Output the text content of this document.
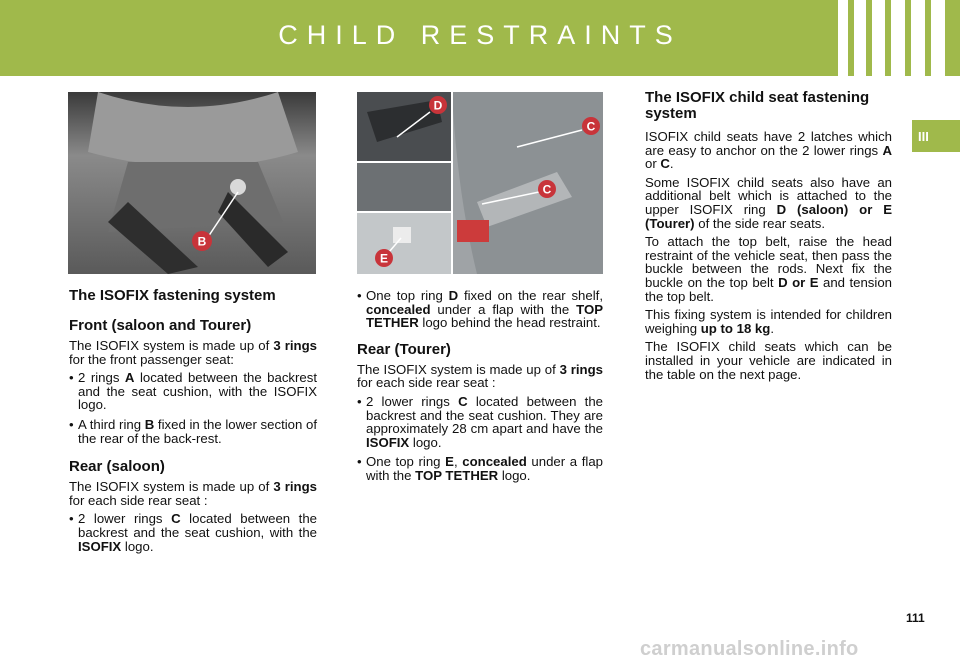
CHILD RESTRAINTS
III
B
D
C
C
E
The ISOFIX fastening system
Front (saloon and Tourer)

The ISOFIX system is made up of 3 rings for the front passenger seat:

• 2 rings A located between the backrest and the seat cushion, with the ISOFIX logo.
• A third ring B fixed in the lower section of the rear of the back-rest.
Rear (saloon)

The ISOFIX system is made up of 3 rings for each side rear seat :

• 2 lower rings C located between the backrest and the seat cushion, with the ISOFIX logo.
• One top ring D fixed on the rear shelf, concealed under a flap with the TOP TETHER logo behind the head restraint.
Rear (Tourer)

The ISOFIX system is made up of 3 rings for each side rear seat :

• 2 lower rings C located between the backrest and the seat cushion. They are approximately 28 cm apart and have the ISOFIX logo.
• One top ring E, concealed under a flap with the TOP TETHER logo.
The ISOFIX child seat fastening system

ISOFIX child seats have 2 latches which are easy to anchor on the 2 lower rings A or C.

Some ISOFIX child seats also have an additional belt which is attached to the upper ISOFIX ring D (saloon) or E (Tourer) of the side rear seats.

To attach the top belt, raise the head restraint of the vehicle seat, then pass the buckle between the rods. Next fix the buckle on the top belt D or E and tension the top belt.

This fixing system is intended for children weighing up to 18 kg.

The ISOFIX child seats which can be installed in your vehicle are indicated in the table on the next page.

111
carmanualsonline.info
